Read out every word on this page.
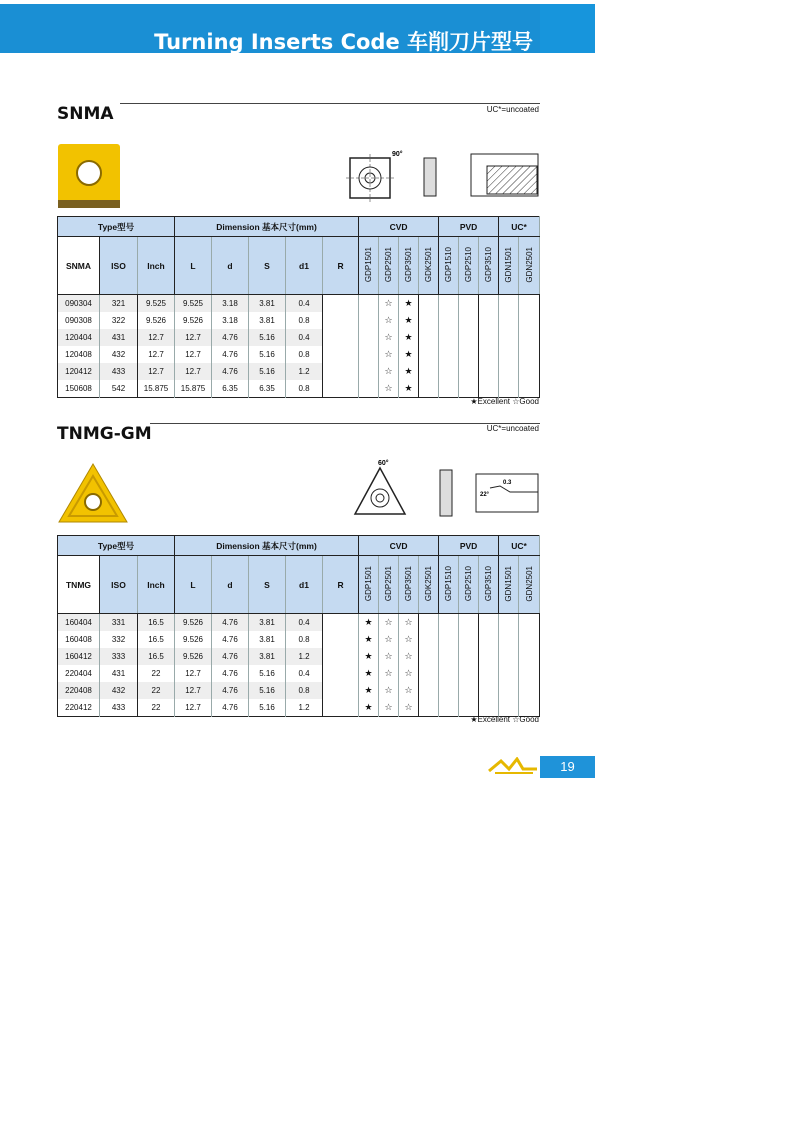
Turning Inserts Code 车削刀片型号
SNMA	UC*=uncoated
90°
Type型号			Dimension 基本尺寸(mm)					CVD				PVD			UC*	
SNMA	ISO	Inch	L	d	S	d1	R	GDP1501	GDP2501	GDP3501	GDK2501	GDP1510	GDP2510	GDP3510	GDN1501	GDN2501
090304	321	9.525	9.525	3.18	3.81	0.4			☆	★						
090308	322	9.526	9.526	3.18	3.81	0.8			☆	★						
120404	431	12.7	12.7	4.76	5.16	0.4			☆	★						
120408	432	12.7	12.7	4.76	5.16	0.8			☆	★						
120412	433	12.7	12.7	4.76	5.16	1.2			☆	★						
150608	542	15.875	15.875	6.35	6.35	0.8			☆	★						
★Excellent ☆Good
TNMG-GM	UC*=uncoated
60°
22°
0.3
Type型号			Dimension 基本尺寸(mm)					CVD				PVD			UC*	
TNMG	ISO	Inch	L	d	S	d1	R	GDP1501	GDP2501	GDP3501	GDK2501	GDP1510	GDP2510	GDP3510	GDN1501	GDN2501
160404	331	16.5	9.526	4.76	3.81	0.4		★	☆	☆						
160408	332	16.5	9.526	4.76	3.81	0.8		★	☆	☆						
160412	333	16.5	9.526	4.76	3.81	1.2		★	☆	☆						
220404	431	22	12.7	4.76	5.16	0.4		★	☆	☆						
220408	432	22	12.7	4.76	5.16	0.8		★	☆	☆						
220412	433	22	12.7	4.76	5.16	1.2		★	☆	☆						
★Excellent ☆Good
19
